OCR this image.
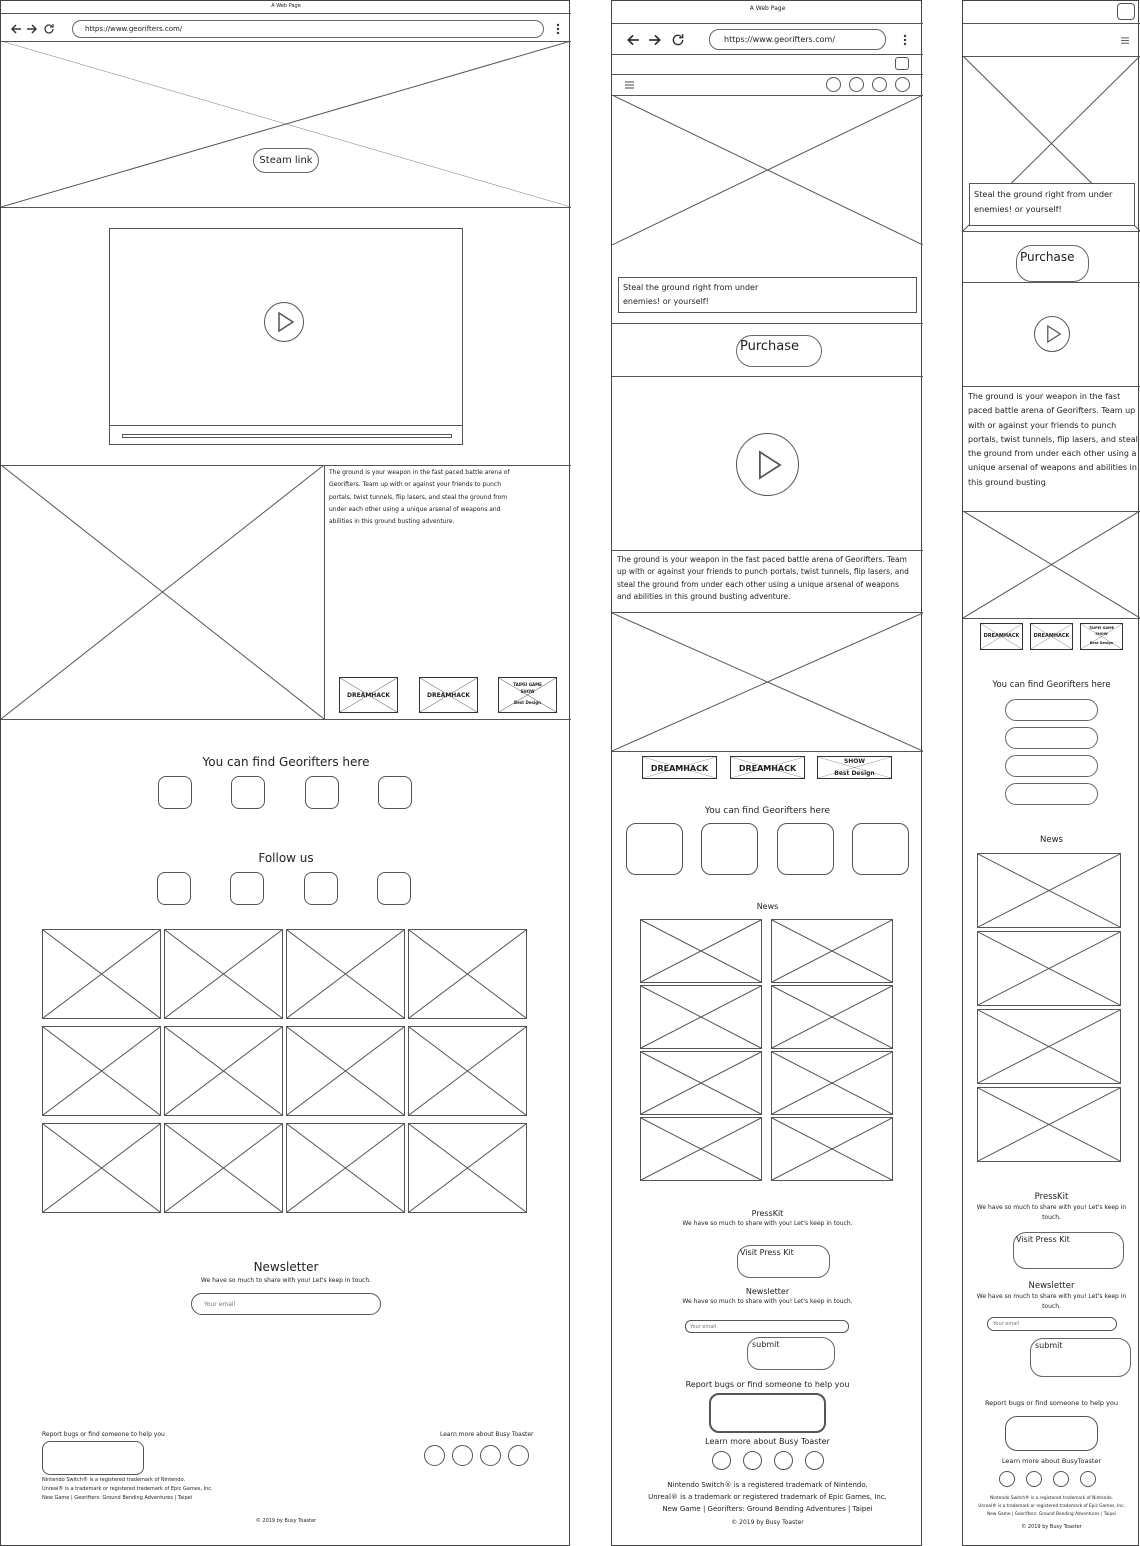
A Web Page
https://www.georifters.com/
Steam link
The ground is your weapon in the fast paced battle arena of Georifters. Team up with or against your friends to punch portals, twist tunnels, flip lasers, and steal the ground from under each other using a unique arsenal of weapons and abilities in this ground busting adventure.
DREAMHACK	DREAMHACK
TAIPEI GAME
SHOW
Best Design
You can find Georifters here
Follow us
Newsletter
We have so much to share with you! Let's keep in touch.
Your email
Report bugs or find someone to help you	Learn more about Busy Toaster
Nintendo Switch® is a registered trademark of Nintendo.
Unreal® is a trademark or registered trademark of Epic Games, Inc.
New Game | Georifters: Ground Bending Adventures | Taipei
© 2019 by Busy Toaster
A Web Page
https://www.georifters.com/
Steal the ground right from under enemies! or yourself!
Purchase
The ground is your weapon in the fast paced battle arena of Georifters. Team up with or against your friends to punch portals, twist tunnels, flip lasers, and steal the ground from under each other using a unique arsenal of weapons and abilities in this ground busting adventure.
DREAMHACK	DREAMHACK
SHOW
Best Design
You can find Georifters here
News
PressKit
We have so much to share with you! Let's keep in touch.
Visit Press Kit
Newsletter
We have so much to share with you! Let's keep in touch.
Your email
submit
Report bugs or find someone to help you
Learn more about Busy Toaster
Nintendo Switch® is a registered trademark of Nintendo.
Unreal® is a trademark or registered trademark of Epic Games, Inc.
New Game | Georifters: Ground Bending Adventures | Taipei
© 2019 by Busy Toaster
Steal the ground right from under enemies! or yourself!
Purchase
The ground is your weapon in the fast paced battle arena of Georifters. Team up with or against your friends to punch portals, twist tunnels, flip lasers, and steal the ground from under each other using a unique arsenal of weapons and abilities in this ground busting
DREAMHACK	DREAMHACK
TAIPEI GAME
SHOW
Best Design
You can find Georifters here
News
PressKit
We have so much to share with you! Let's keep in touch.
Visit Press Kit
Newsletter
We have so much to share with you! Let's keep in touch.
Your email
submit
Report bugs or find someone to help you
Learn more about BusyToaster
Nintendo Switch® is a registered trademark of Nintendo.
Unreal® is a trademark or registered trademark of Epic Games, Inc.
New Game | Georifters: Ground Bending Adventures | Taipei
© 2019 by Busy Toaster
